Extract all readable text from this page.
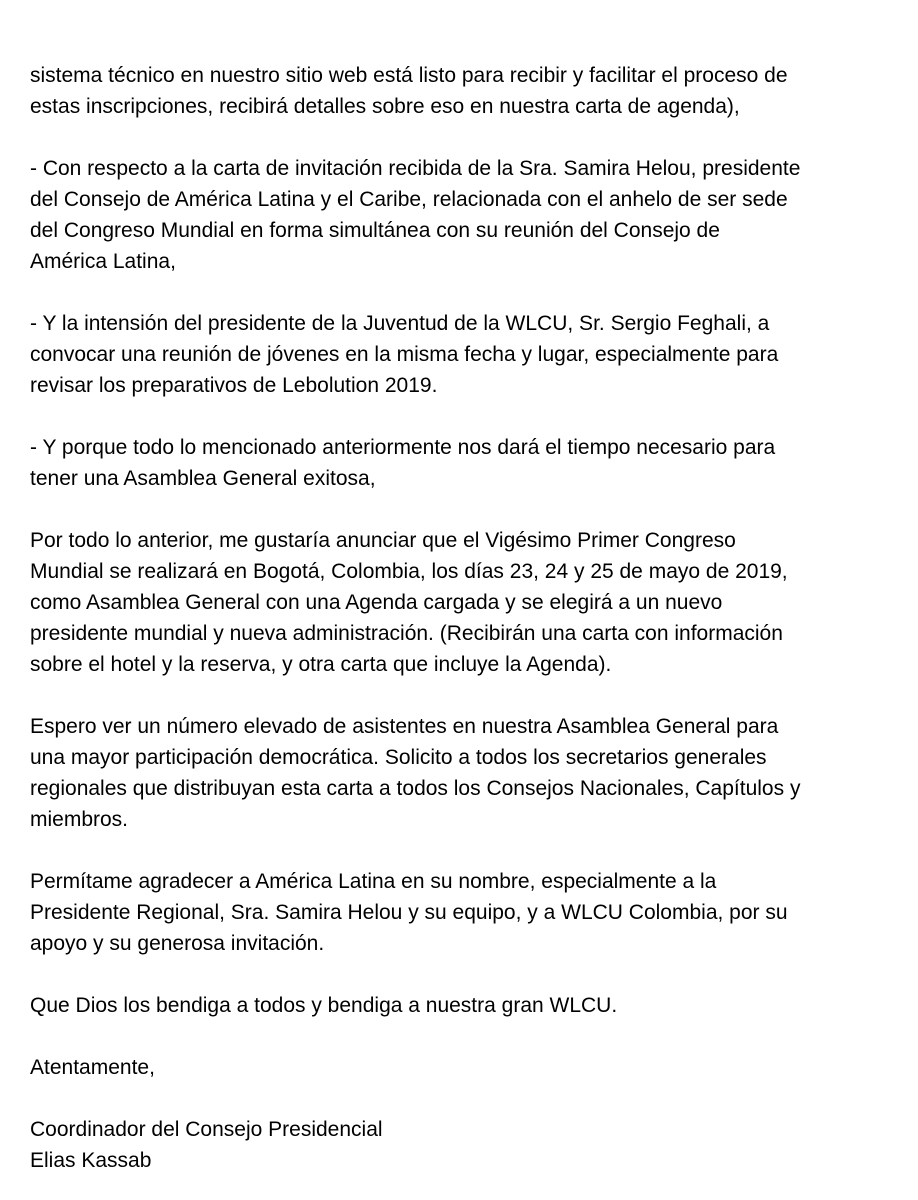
sistema técnico en nuestro sitio web está listo para recibir y facilitar el proceso de
estas inscripciones, recibirá detalles sobre eso en nuestra carta de agenda),

- Con respecto a la carta de invitación recibida de la Sra. Samira Helou, presidente
del Consejo de América Latina y el Caribe, relacionada con el anhelo de ser sede
del Congreso Mundial en forma simultánea con su reunión del Consejo de
América Latina,

- Y la intensión del presidente de la Juventud de la WLCU, Sr. Sergio Feghali, a
convocar una reunión de jóvenes en la misma fecha y lugar, especialmente para
revisar los preparativos de Lebolution 2019.

- Y porque todo lo mencionado anteriormente nos dará el tiempo necesario para
tener una Asamblea General exitosa,

Por todo lo anterior, me gustaría anunciar que el Vigésimo Primer Congreso
Mundial se realizará en Bogotá, Colombia, los días 23, 24 y 25 de mayo de 2019,
como Asamblea General con una Agenda cargada y se elegirá a un nuevo
presidente mundial y nueva administración. (Recibirán una carta con información
sobre el hotel y la reserva, y otra carta que incluye la Agenda).

Espero ver un número elevado de asistentes en nuestra Asamblea General para
una mayor participación democrática. Solicito a todos los secretarios generales
regionales que distribuyan esta carta a todos los Consejos Nacionales, Capítulos y
miembros.

Permítame agradecer a América Latina en su nombre, especialmente a la
Presidente Regional, Sra. Samira Helou y su equipo, y a WLCU Colombia, por su
apoyo y su generosa invitación.

Que Dios los bendiga a todos y bendiga a nuestra gran WLCU.

Atentamente,

Coordinador del Consejo Presidencial
Elias Kassab
